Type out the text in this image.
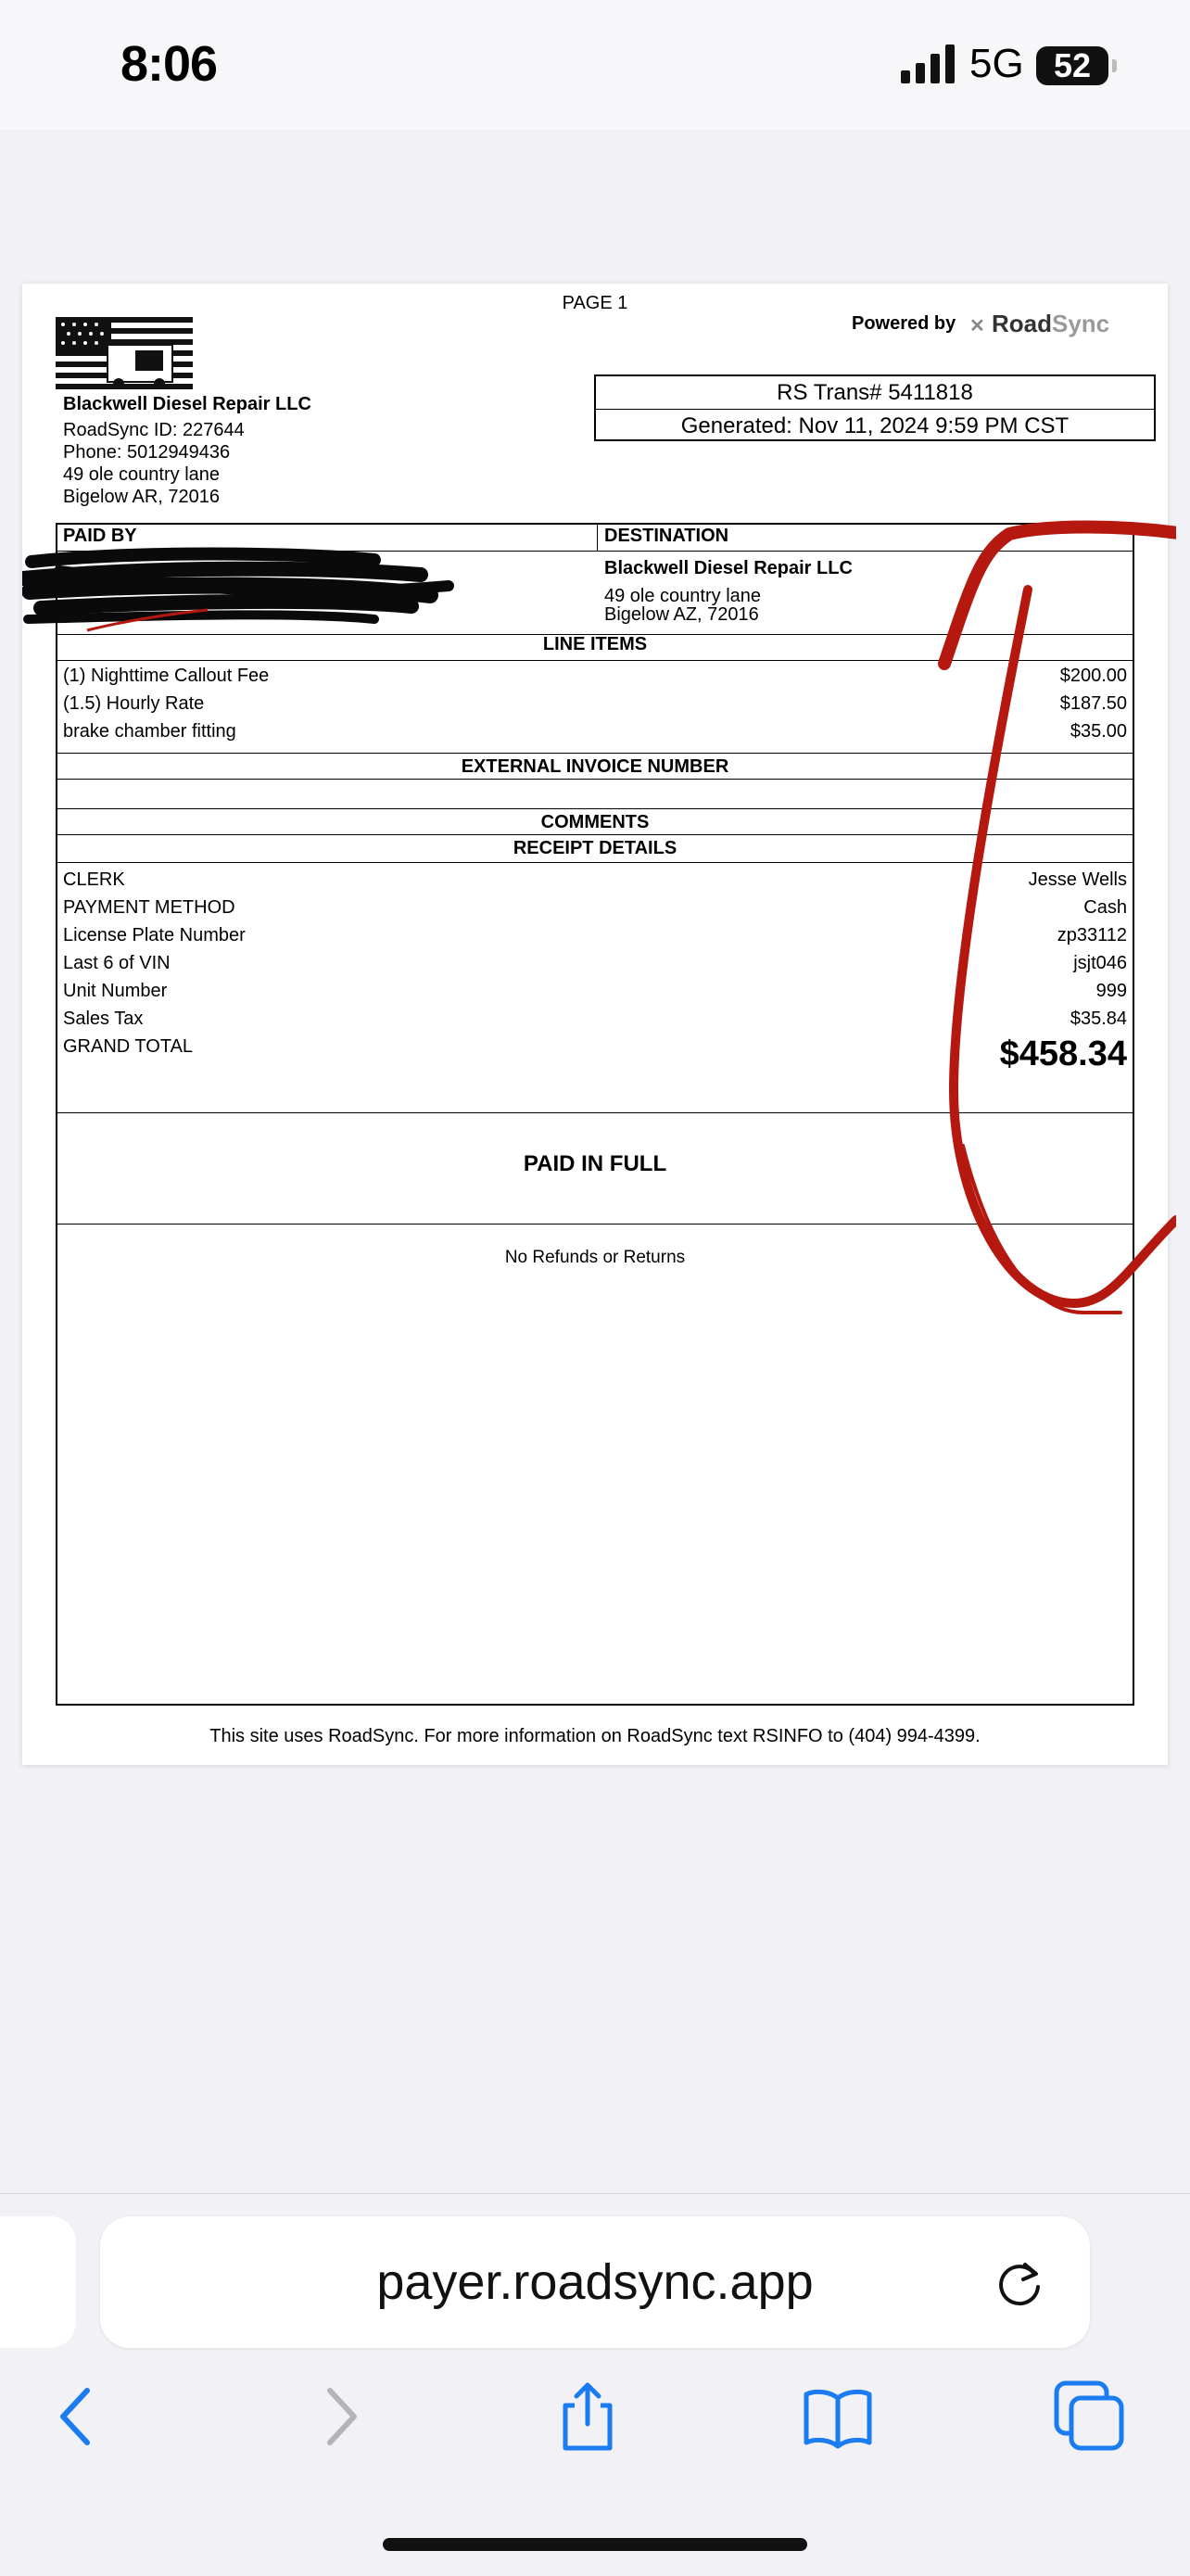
8:06	5G 52
PAGE 1
Powered by ✕ RoadSync
Blackwell Diesel Repair LLC
RoadSync ID: 227644
Phone: 5012949436
49 ole country lane
Bigelow AR, 72016
RS Trans# 5411818
Generated: Nov 11, 2024 9:59 PM CST
PAID BY	DESTINATION
Blackwell Diesel Repair LLC
49 ole country lane
Bigelow AZ, 72016
LINE ITEMS
(1) Nighttime Callout Fee	$200.00
(1.5) Hourly Rate	$187.50
brake chamber fitting	$35.00
EXTERNAL INVOICE NUMBER
COMMENTS
RECEIPT DETAILS
CLERK	Jesse Wells
PAYMENT METHOD	Cash
License Plate Number	zp33112
Last 6 of VIN	jsjt046
Unit Number	999
Sales Tax	$35.84
GRAND TOTAL	$458.34
PAID IN FULL
No Refunds or Returns
This site uses RoadSync. For more information on RoadSync text RSINFO to (404) 994-4399.
payer.roadsync.app
